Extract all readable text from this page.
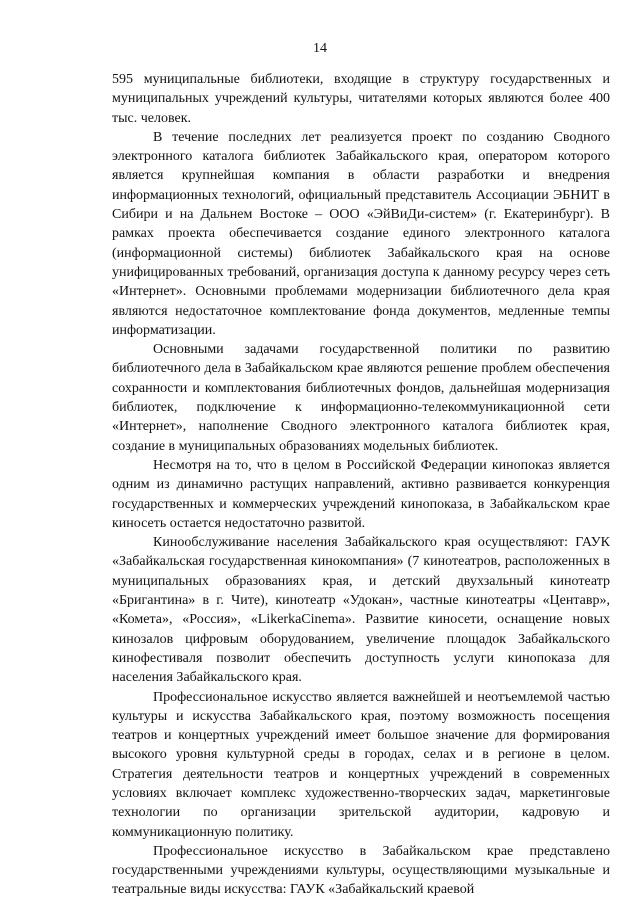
14

595 муниципальные библиотеки, входящие в структуру государственных и муниципальных учреждений культуры, читателями которых являются более 400 тыс. человек.

В течение последних лет реализуется проект по созданию Сводного электронного каталога библиотек Забайкальского края, оператором которого является крупнейшая компания в области разработки и внедрения информационных технологий, официальный представитель Ассоциации ЭБНИТ в Сибири и на Дальнем Востоке – ООО «ЭйВиДи-систем» (г. Екатеринбург). В рамках проекта обеспечивается создание единого электронного каталога (информационной системы) библиотек Забайкальского края на основе унифицированных требований, организация доступа к данному ресурсу через сеть «Интернет». Основными проблемами модернизации библиотечного дела края являются недостаточное комплектование фонда документов, медленные темпы информатизации.

Основными задачами государственной политики по развитию библиотечного дела в Забайкальском крае являются решение проблем обеспечения сохранности и комплектования библиотечных фондов, дальнейшая модернизация библиотек, подключение к информационно-телекоммуникационной сети «Интернет», наполнение Сводного электронного каталога библиотек края, создание в муниципальных образованиях модельных библиотек.

Несмотря на то, что в целом в Российской Федерации кинопоказ является одним из динамично растущих направлений, активно развивается конкуренция государственных и коммерческих учреждений кинопоказа, в Забайкальском крае киносеть остается недостаточно развитой.

Кинообслуживание населения Забайкальского края осуществляют: ГАУК «Забайкальская государственная кинокомпания» (7 кинотеатров, расположенных в муниципальных образованиях края, и детский двухзальный кинотеатр «Бригантина» в г. Чите), кинотеатр «Удокан», частные кинотеатры «Центавр», «Комета», «Россия», «LikerkaCinema». Развитие киносети, оснащение новых кинозалов цифровым оборудованием, увеличение площадок Забайкальского кинофестиваля позволит обеспечить доступность услуги кинопоказа для населения Забайкальского края.

Профессиональное искусство является важнейшей и неотъемлемой частью культуры и искусства Забайкальского края, поэтому возможность посещения театров и концертных учреждений имеет большое значение для формирования высокого уровня культурной среды в городах, селах и в регионе в целом. Стратегия деятельности театров и концертных учреждений в современных условиях включает комплекс художественно-творческих задач, маркетинговые технологии по организации зрительской аудитории, кадровую и коммуникационную политику.

Профессиональное искусство в Забайкальском крае представлено государственными учреждениями культуры, осуществляющими музыкальные и театральные виды искусства: ГАУК «Забайкальский краевой
